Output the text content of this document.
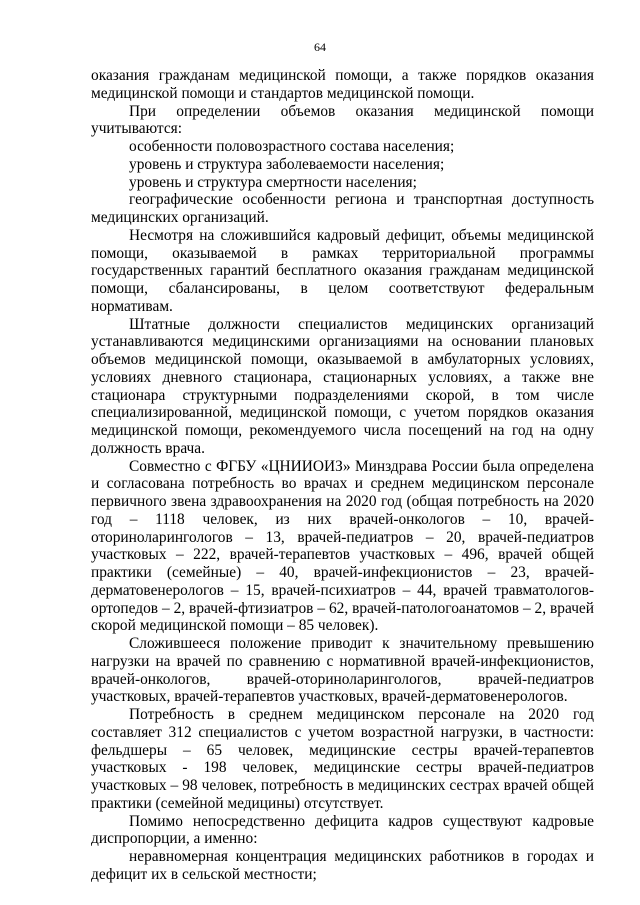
64

оказания гражданам медицинской помощи, а также порядков оказания медицинской помощи и стандартов медицинской помощи.

При определении объемов оказания медицинской помощи учитываются:

особенности половозрастного состава населения;

уровень и структура заболеваемости населения;

уровень и структура смертности населения;

географические особенности региона и транспортная доступность медицинских организаций.

Несмотря на сложившийся кадровый дефицит, объемы медицинской помощи, оказываемой в рамках территориальной программы государственных гарантий бесплатного оказания гражданам медицинской помощи, сбалансированы, в целом соответствуют федеральным нормативам.

Штатные должности специалистов медицинских организаций устанавливаются медицинскими организациями на основании плановых объемов медицинской помощи, оказываемой в амбулаторных условиях, условиях дневного стационара, стационарных условиях, а также вне стационара структурными подразделениями скорой, в том числе специализированной, медицинской помощи, с учетом порядков оказания медицинской помощи, рекомендуемого числа посещений на год на одну должность врача.

Совместно с ФГБУ «ЦНИИОИЗ» Минздрава России была определена и согласована потребность во врачах и среднем медицинском персонале первичного звена здравоохранения на 2020 год (общая потребность на 2020 год – 1118 человек, из них врачей-онкологов – 10, врачей-оториноларингологов – 13, врачей-педиатров – 20, врачей-педиатров участковых – 222, врачей-терапевтов участковых – 496, врачей общей практики (семейные) – 40, врачей-инфекционистов – 23, врачей-дерматовенерологов – 15, врачей-психиатров – 44, врачей травматологов-ортопедов – 2, врачей-фтизиатров – 62, врачей-патологоанатомов – 2, врачей скорой медицинской помощи – 85 человек).

Сложившееся положение приводит к значительному превышению нагрузки на врачей по сравнению с нормативной врачей-инфекционистов, врачей-онкологов, врачей-оториноларингологов, врачей-педиатров участковых, врачей-терапевтов участковых, врачей-дерматовенерологов.

Потребность в среднем медицинском персонале на 2020 год составляет 312 специалистов с учетом возрастной нагрузки, в частности: фельдшеры – 65 человек, медицинские сестры врачей-терапевтов участковых - 198 человек, медицинские сестры врачей-педиатров участковых – 98 человек, потребность в медицинских сестрах врачей общей практики (семейной медицины) отсутствует.

Помимо непосредственно дефицита кадров существуют кадровые диспропорции, а именно:

неравномерная концентрация медицинских работников в городах и дефицит их в сельской местности;
